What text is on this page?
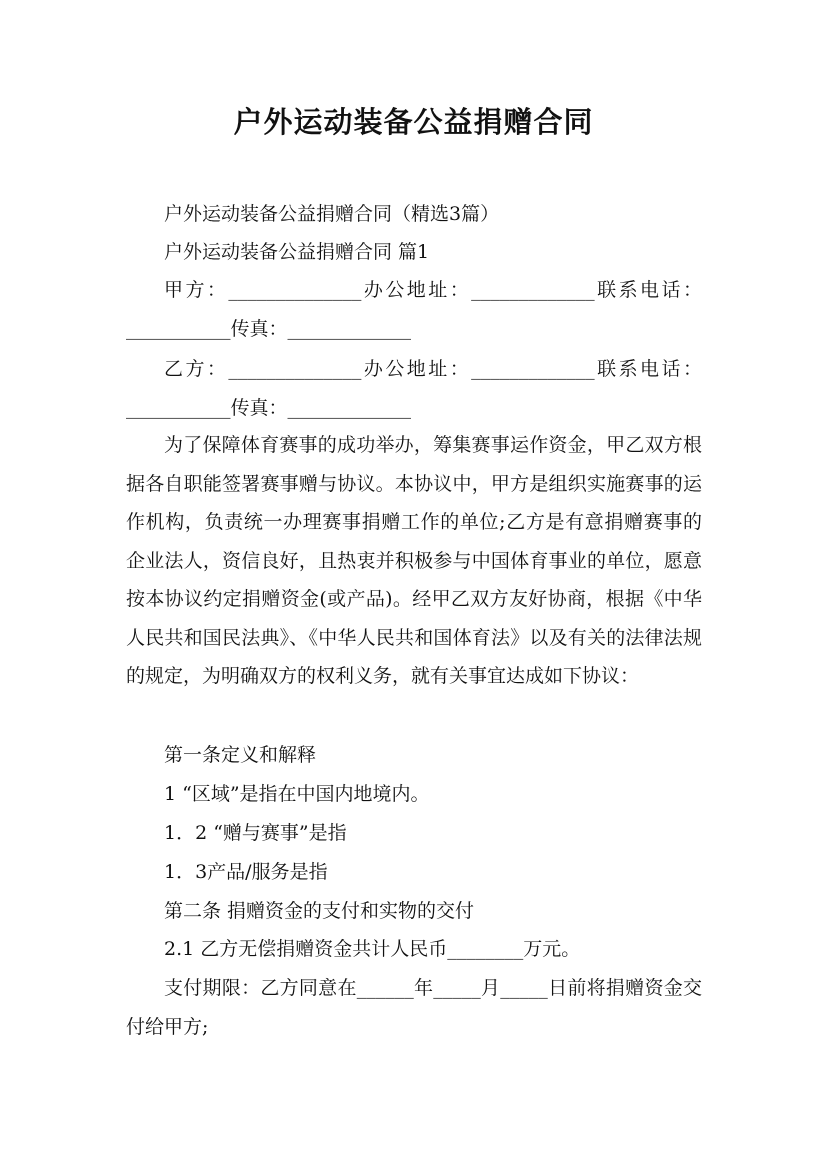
户外运动装备公益捐赠合同

户外运动装备公益捐赠合同（精选3篇）

户外运动装备公益捐赠合同 篇1

甲方：______________办公地址：_____________联系电话：___________传真：_____________

乙方：______________办公地址：_____________联系电话：___________传真：_____________

为了保障体育赛事的成功举办，筹集赛事运作资金，甲乙双方根据各自职能签署赛事赠与协议。本协议中，甲方是组织实施赛事的运作机构，负责统一办理赛事捐赠工作的单位;乙方是有意捐赠赛事的企业法人，资信良好，且热衷并积极参与中国体育事业的单位，愿意按本协议约定捐赠资金(或产品)。经甲乙双方友好协商，根据《中华人民共和国民法典》、《中华人民共和国体育法》以及有关的法律法规的规定，为明确双方的权利义务，就有关事宜达成如下协议：

第一条定义和解释

1 “区域”是指在中国内地境内。

1．2 “赠与赛事”是指

1．3产品/服务是指

第二条 捐赠资金的支付和实物的交付

2.1 乙方无偿捐赠资金共计人民币________万元。

支付期限：乙方同意在______年_____月_____日前将捐赠资金交付给甲方;
